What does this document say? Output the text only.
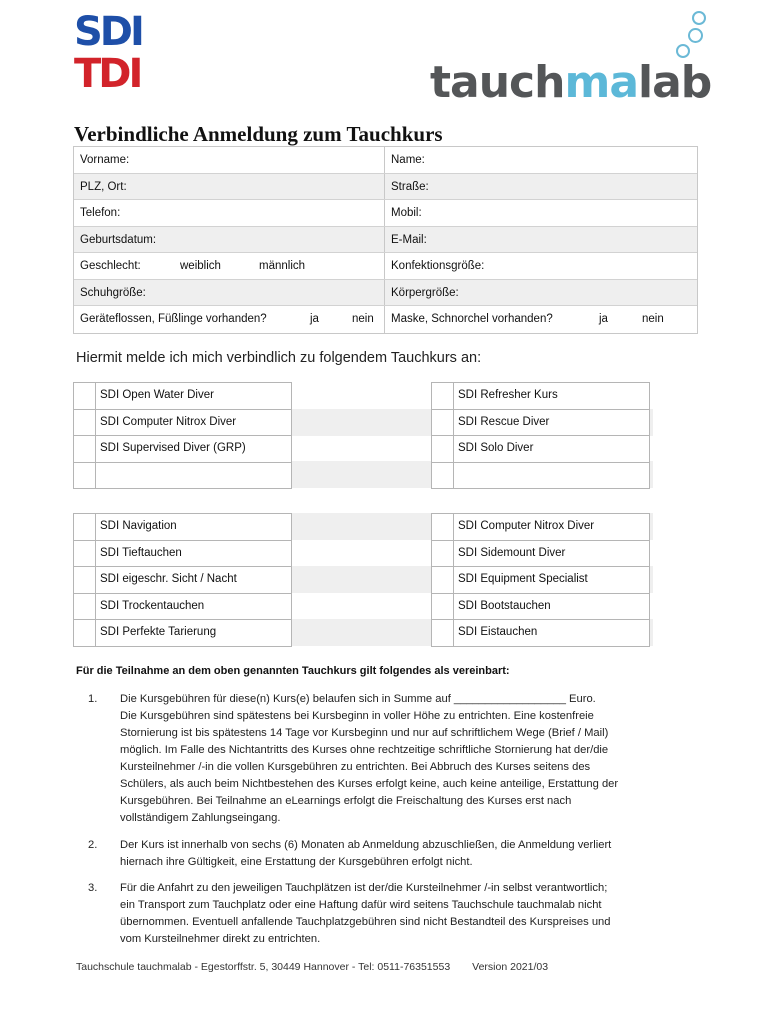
SDI
TDI	tauchmalab
Verbindliche Anmeldung zum Tauchkurs
Vorname:	Name:
PLZ, Ort:	Straße:
Telefon:	Mobil:
Geburtsdatum:	E-Mail:
Geschlecht:	weiblich	männlich	Konfektionsgröße:
Schuhgröße:	Körpergröße:
Geräteflossen, Füßlinge vorhanden?	ja	nein	Maske, Schnorchel vorhanden?	ja	nein
Hiermit melde ich mich verbindlich zu folgendem Tauchkurs an:
SDI Open Water Diver
SDI Computer Nitrox Diver
SDI Supervised Diver (GRP)
SDI Refresher Kurs
SDI Rescue Diver
SDI Solo Diver
SDI Navigation
SDI Tieftauchen
SDI eigeschr. Sicht / Nacht
SDI Trockentauchen
SDI Perfekte Tarierung
SDI Computer Nitrox Diver
SDI Sidemount Diver
SDI Equipment Specialist
SDI Bootstauchen
SDI Eistauchen
Für die Teilnahme an dem oben genannten Tauchkurs gilt folgendes als vereinbart:
1. Die Kursgebühren für diese(n) Kurs(e) belaufen sich in Summe auf __________________ Euro.
Die Kursgebühren sind spätestens bei Kursbeginn in voller Höhe zu entrichten. Eine kostenfreie
Stornierung ist bis spätestens 14 Tage vor Kursbeginn und nur auf schriftlichem Wege (Brief / Mail)
möglich. Im Falle des Nichtantritts des Kurses ohne rechtzeitige schriftliche Stornierung hat der/die
Kursteilnehmer /-in die vollen Kursgebühren zu entrichten. Bei Abbruch des Kurses seitens des
Schülers, als auch beim Nichtbestehen des Kurses erfolgt keine, auch keine anteilige, Erstattung der
Kursgebühren. Bei Teilnahme an eLearnings erfolgt die Freischaltung des Kurses erst nach
vollständigem Zahlungseingang.
2. Der Kurs ist innerhalb von sechs (6) Monaten ab Anmeldung abzuschließen, die Anmeldung verliert
hiernach ihre Gültigkeit, eine Erstattung der Kursgebühren erfolgt nicht.
3. Für die Anfahrt zu den jeweiligen Tauchplätzen ist der/die Kursteilnehmer /-in selbst verantwortlich;
ein Transport zum Tauchplatz oder eine Haftung dafür wird seitens Tauchschule tauchmalab nicht
übernommen. Eventuell anfallende Tauchplatzgebühren sind nicht Bestandteil des Kurspreises und
vom Kursteilnehmer direkt zu entrichten.
Tauchschule tauchmalab - Egestorffstr. 5, 30449 Hannover - Tel: 0511-76351553 Version 2021/03
